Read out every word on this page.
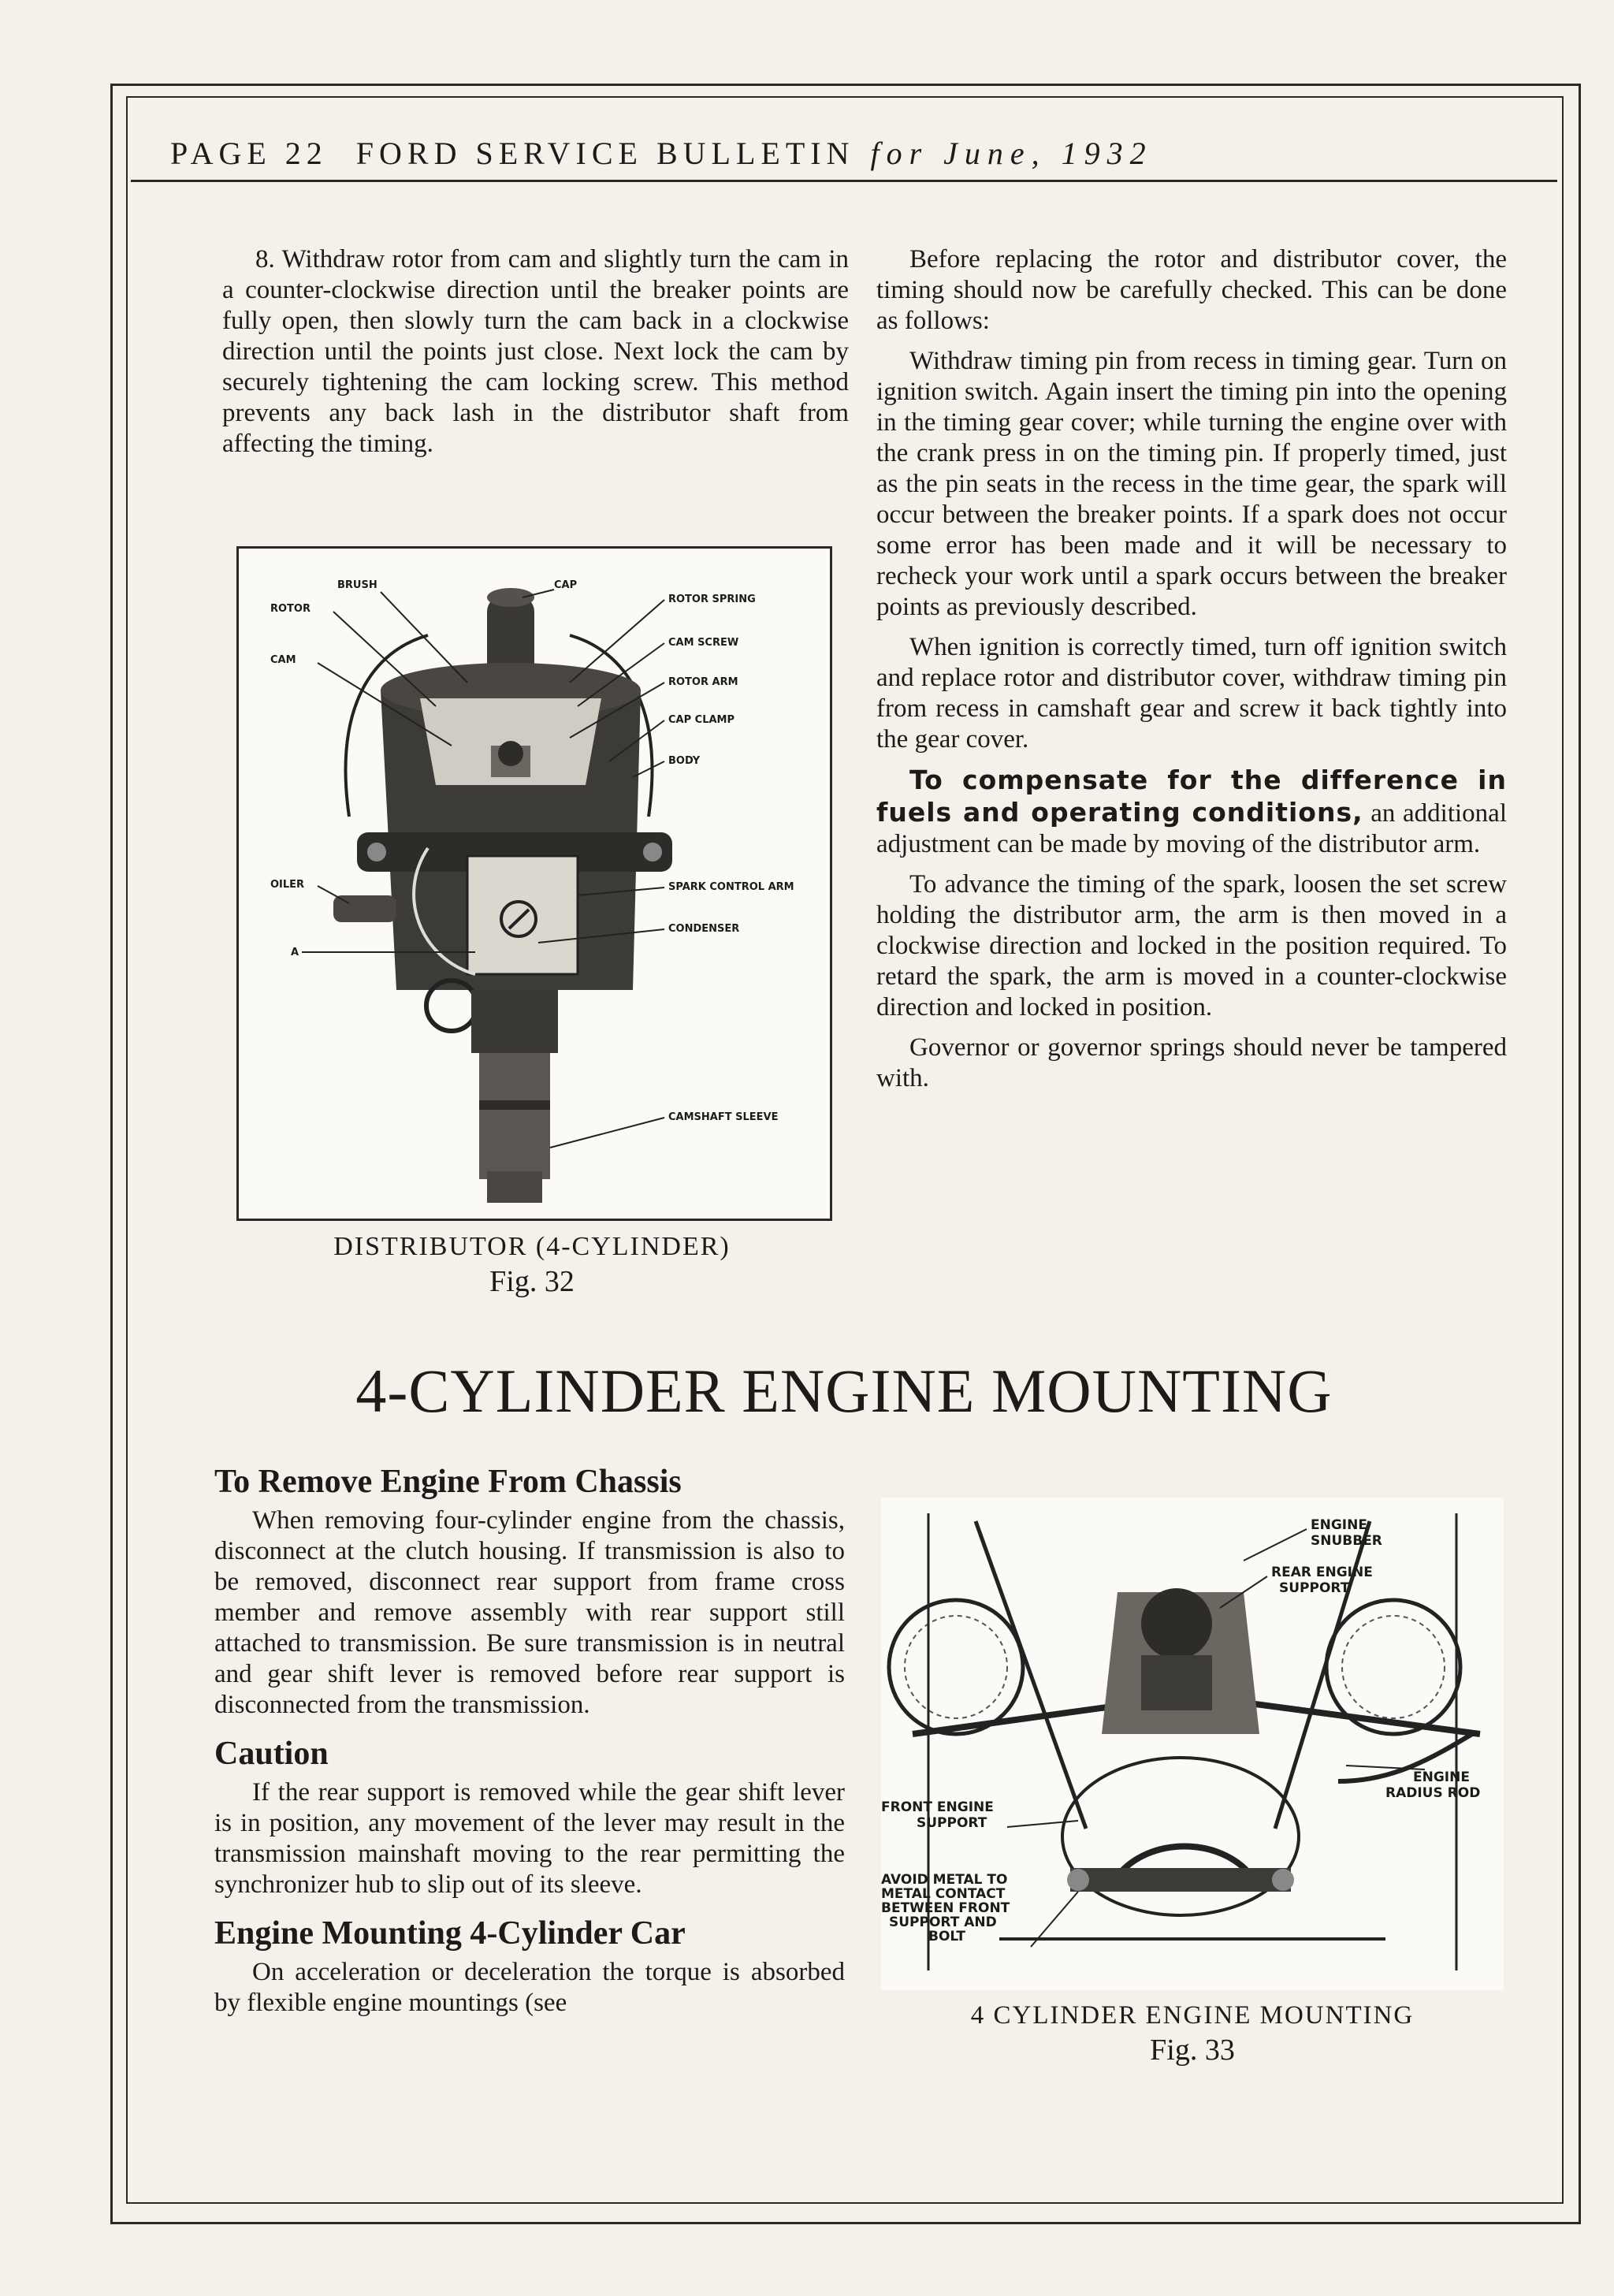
PAGE 22 FORD SERVICE BULLETIN for June, 1932

8. Withdraw rotor from cam and slightly turn the cam in a counter-clockwise direction until the breaker points are fully open, then slowly turn the cam back in a clockwise direction until the points just close. Next lock the cam by securely tightening the cam locking screw. This method prevents any back lash in the distributor shaft from affecting the timing.

BRUSH	CAP
ROTOR
ROTOR SPRING
CAM
CAM SCREW
ROTOR ARM
CAP CLAMP
BODY
OILER	SPARK CONTROL ARM
CONDENSER
A
CAMSHAFT SLEEVE
DISTRIBUTOR (4-CYLINDER)
Fig. 32

Before replacing the rotor and distributor cover, the timing should now be carefully checked. This can be done as follows:

Withdraw timing pin from recess in timing gear. Turn on ignition switch. Again insert the timing pin into the opening in the timing gear cover; while turning the engine over with the crank press in on the timing pin. If properly timed, just as the pin seats in the recess in the time gear, the spark will occur between the breaker points. If a spark does not occur some error has been made and it will be necessary to recheck your work until a spark occurs between the breaker points as previously described.

When ignition is correctly timed, turn off ignition switch and replace rotor and distributor cover, withdraw timing pin from recess in camshaft gear and screw it back tightly into the gear cover.

To compensate for the difference in fuels and operating conditions, an additional adjustment can be made by moving of the distributor arm.

To advance the timing of the spark, loosen the set screw holding the distributor arm, the arm is then moved in a clockwise direction and locked in the position required. To retard the spark, the arm is moved in a counter-clockwise direction and locked in position.

Governor or governor springs should never be tampered with.

4-CYLINDER ENGINE MOUNTING
To Remove Engine From Chassis

When removing four-cylinder engine from the chassis, disconnect at the clutch housing. If transmission is also to be removed, disconnect rear support from frame cross member and remove assembly with rear support still attached to transmission. Be sure transmission is in neutral and gear shift lever is removed before rear support is disconnected from the transmission.

Caution

If the rear support is removed while the gear shift lever is in position, any movement of the lever may result in the transmission mainshaft moving to the rear permitting the synchronizer hub to slip out of its sleeve.

Engine Mounting 4-Cylinder Car

On acceleration or deceleration the torque is absorbed by flexible engine mountings (see

ENGINE
SNUBBER
REAR ENGINE
SUPPORT
ENGINE
RADIUS ROD
FRONT ENGINE
SUPPORT
AVOID METAL TO
METAL CONTACT
BETWEEN FRONT
SUPPORT AND
BOLT
4 CYLINDER ENGINE MOUNTING
Fig. 33
